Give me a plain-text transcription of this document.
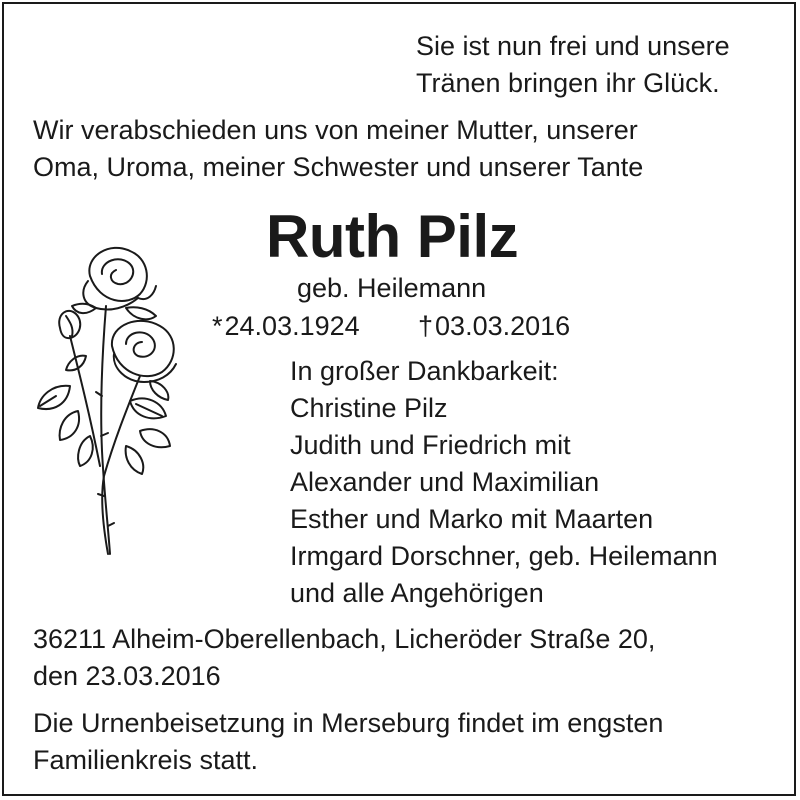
Sie ist nun frei und unsere
Tränen bringen ihr Glück.

Wir verabschieden uns von meiner Mutter, unserer
Oma, Uroma, meiner Schwester und unserer Tante

Ruth Pilz

geb. Heilemann

*24.03.1924 †03.03.2016

In großer Dankbarkeit:
Christine Pilz
Judith und Friedrich mit
Alexander und Maximilian
Esther und Marko mit Maarten
Irmgard Dorschner, geb. Heilemann
und alle Angehörigen

36211 Alheim-Oberellenbach, Licheröder Straße 20,
den 23.03.2016

Die Urnenbeisetzung in Merseburg findet im engsten
Familienkreis statt.
